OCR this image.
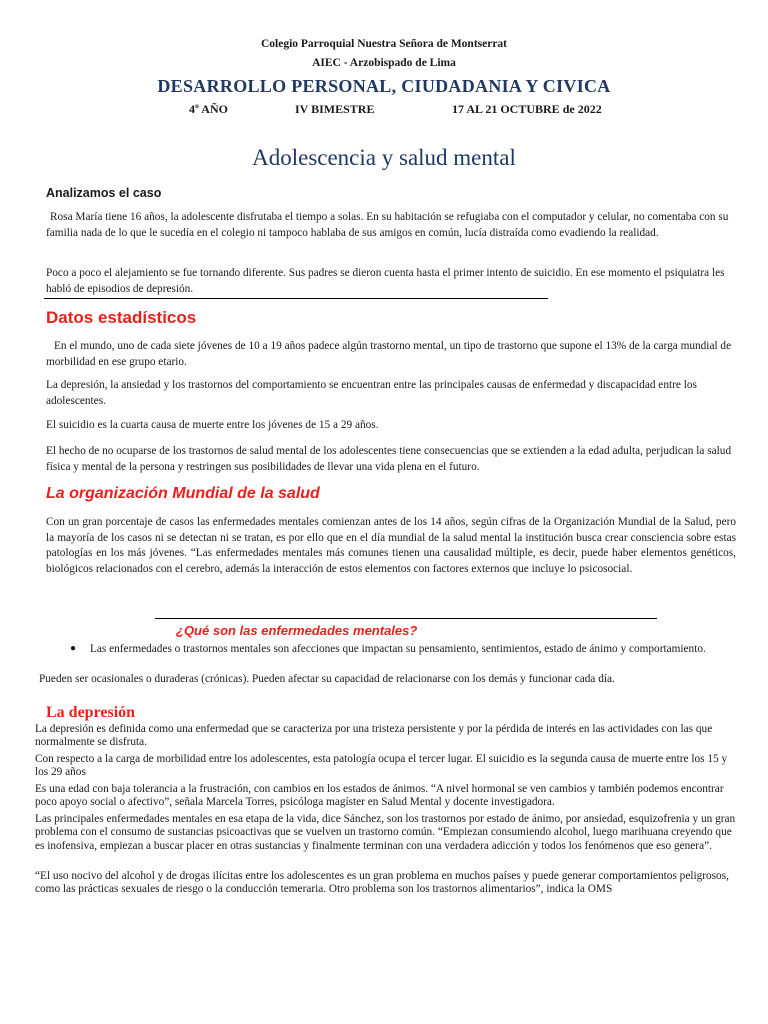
Colegio Parroquial Nuestra Señora de Montserrat
AIEC - Arzobispado de Lima
DESARROLLO PERSONAL, CIUDADANIA Y CIVICA
4º AÑO	IV BIMESTRE	17 AL 21 OCTUBRE de 2022
Adolescencia y salud mental
Analizamos el caso
Rosa María tiene 16 años, la adolescente disfrutaba el tiempo a solas. En su habitación se refugiaba con el computador y celular, no comentaba con su familia nada de lo que le sucedía en el colegio ni tampoco hablaba de sus amigos en común, lucía distraída como evadiendo la realidad.
Poco a poco el alejamiento se fue tornando diferente. Sus padres se dieron cuenta hasta el primer intento de suicidio. En ese momento el psiquiatra les habló de episodios de depresión.
Datos estadísticos
En el mundo, uno de cada siete jóvenes de 10 a 19 años padece algún trastorno mental, un tipo de trastorno que supone el 13% de la carga mundial de morbilidad en ese grupo etario.
La depresión, la ansiedad y los trastornos del comportamiento se encuentran entre las principales causas de enfermedad y discapacidad entre los adolescentes.
El suicidio es la cuarta causa de muerte entre los jóvenes de 15 a 29 años.
El hecho de no ocuparse de los trastornos de salud mental de los adolescentes tiene consecuencias que se extienden a la edad adulta, perjudican la salud física y mental de la persona y restringen sus posibilidades de llevar una vida plena en el futuro.
La organización Mundial de la salud
Con un gran porcentaje de casos las enfermedades mentales comienzan antes de los 14 años, según cifras de la Organización Mundial de la Salud, pero la mayoría de los casos ni se detectan ni se tratan, es por ello que en el día mundial de la salud mental la institución busca crear consciencia sobre estas patologías en los más jóvenes. “Las enfermedades mentales más comunes tienen una causalidad múltiple, es decir, puede haber elementos genéticos, biológicos relacionados con el cerebro, además la interacción de estos elementos con factores externos que incluye lo psicosocial.
¿Qué son las enfermedades mentales?
● Las enfermedades o trastornos mentales son afecciones que impactan su pensamiento, sentimientos, estado de ánimo y comportamiento.
Pueden ser ocasionales o duraderas (crónicas). Pueden afectar su capacidad de relacionarse con los demás y funcionar cada día.
La depresión
La depresión es definida como una enfermedad que se caracteriza por una tristeza persistente y por la pérdida de interés en las actividades con las que normalmente se disfruta.
Con respecto a la carga de morbilidad entre los adolescentes, esta patología ocupa el tercer lugar. El suicidio es la segunda causa de muerte entre los 15 y los 29 años
Es una edad con baja tolerancia a la frustración, con cambios en los estados de ánimos. “A nivel hormonal se ven cambios y también podemos encontrar poco apoyo social o afectivo”, señala Marcela Torres, psicóloga magíster en Salud Mental y docente investigadora.
Las principales enfermedades mentales en esa etapa de la vida, dice Sánchez, son los trastornos por estado de ánimo, por ansiedad, esquizofrenia y un gran problema con el consumo de sustancias psicoactivas que se vuelven un trastorno común. “Empiezan consumiendo alcohol, luego marihuana creyendo que es inofensiva, empiezan a buscar placer en otras sustancias y finalmente terminan con una verdadera adicción y todos los fenómenos que eso genera”.
“El uso nocivo del alcohol y de drogas ilícitas entre los adolescentes es un gran problema en muchos países y puede generar comportamientos peligrosos, como las prácticas sexuales de riesgo o la conducción temeraria. Otro problema son los trastornos alimentarios”, indica la OMS
